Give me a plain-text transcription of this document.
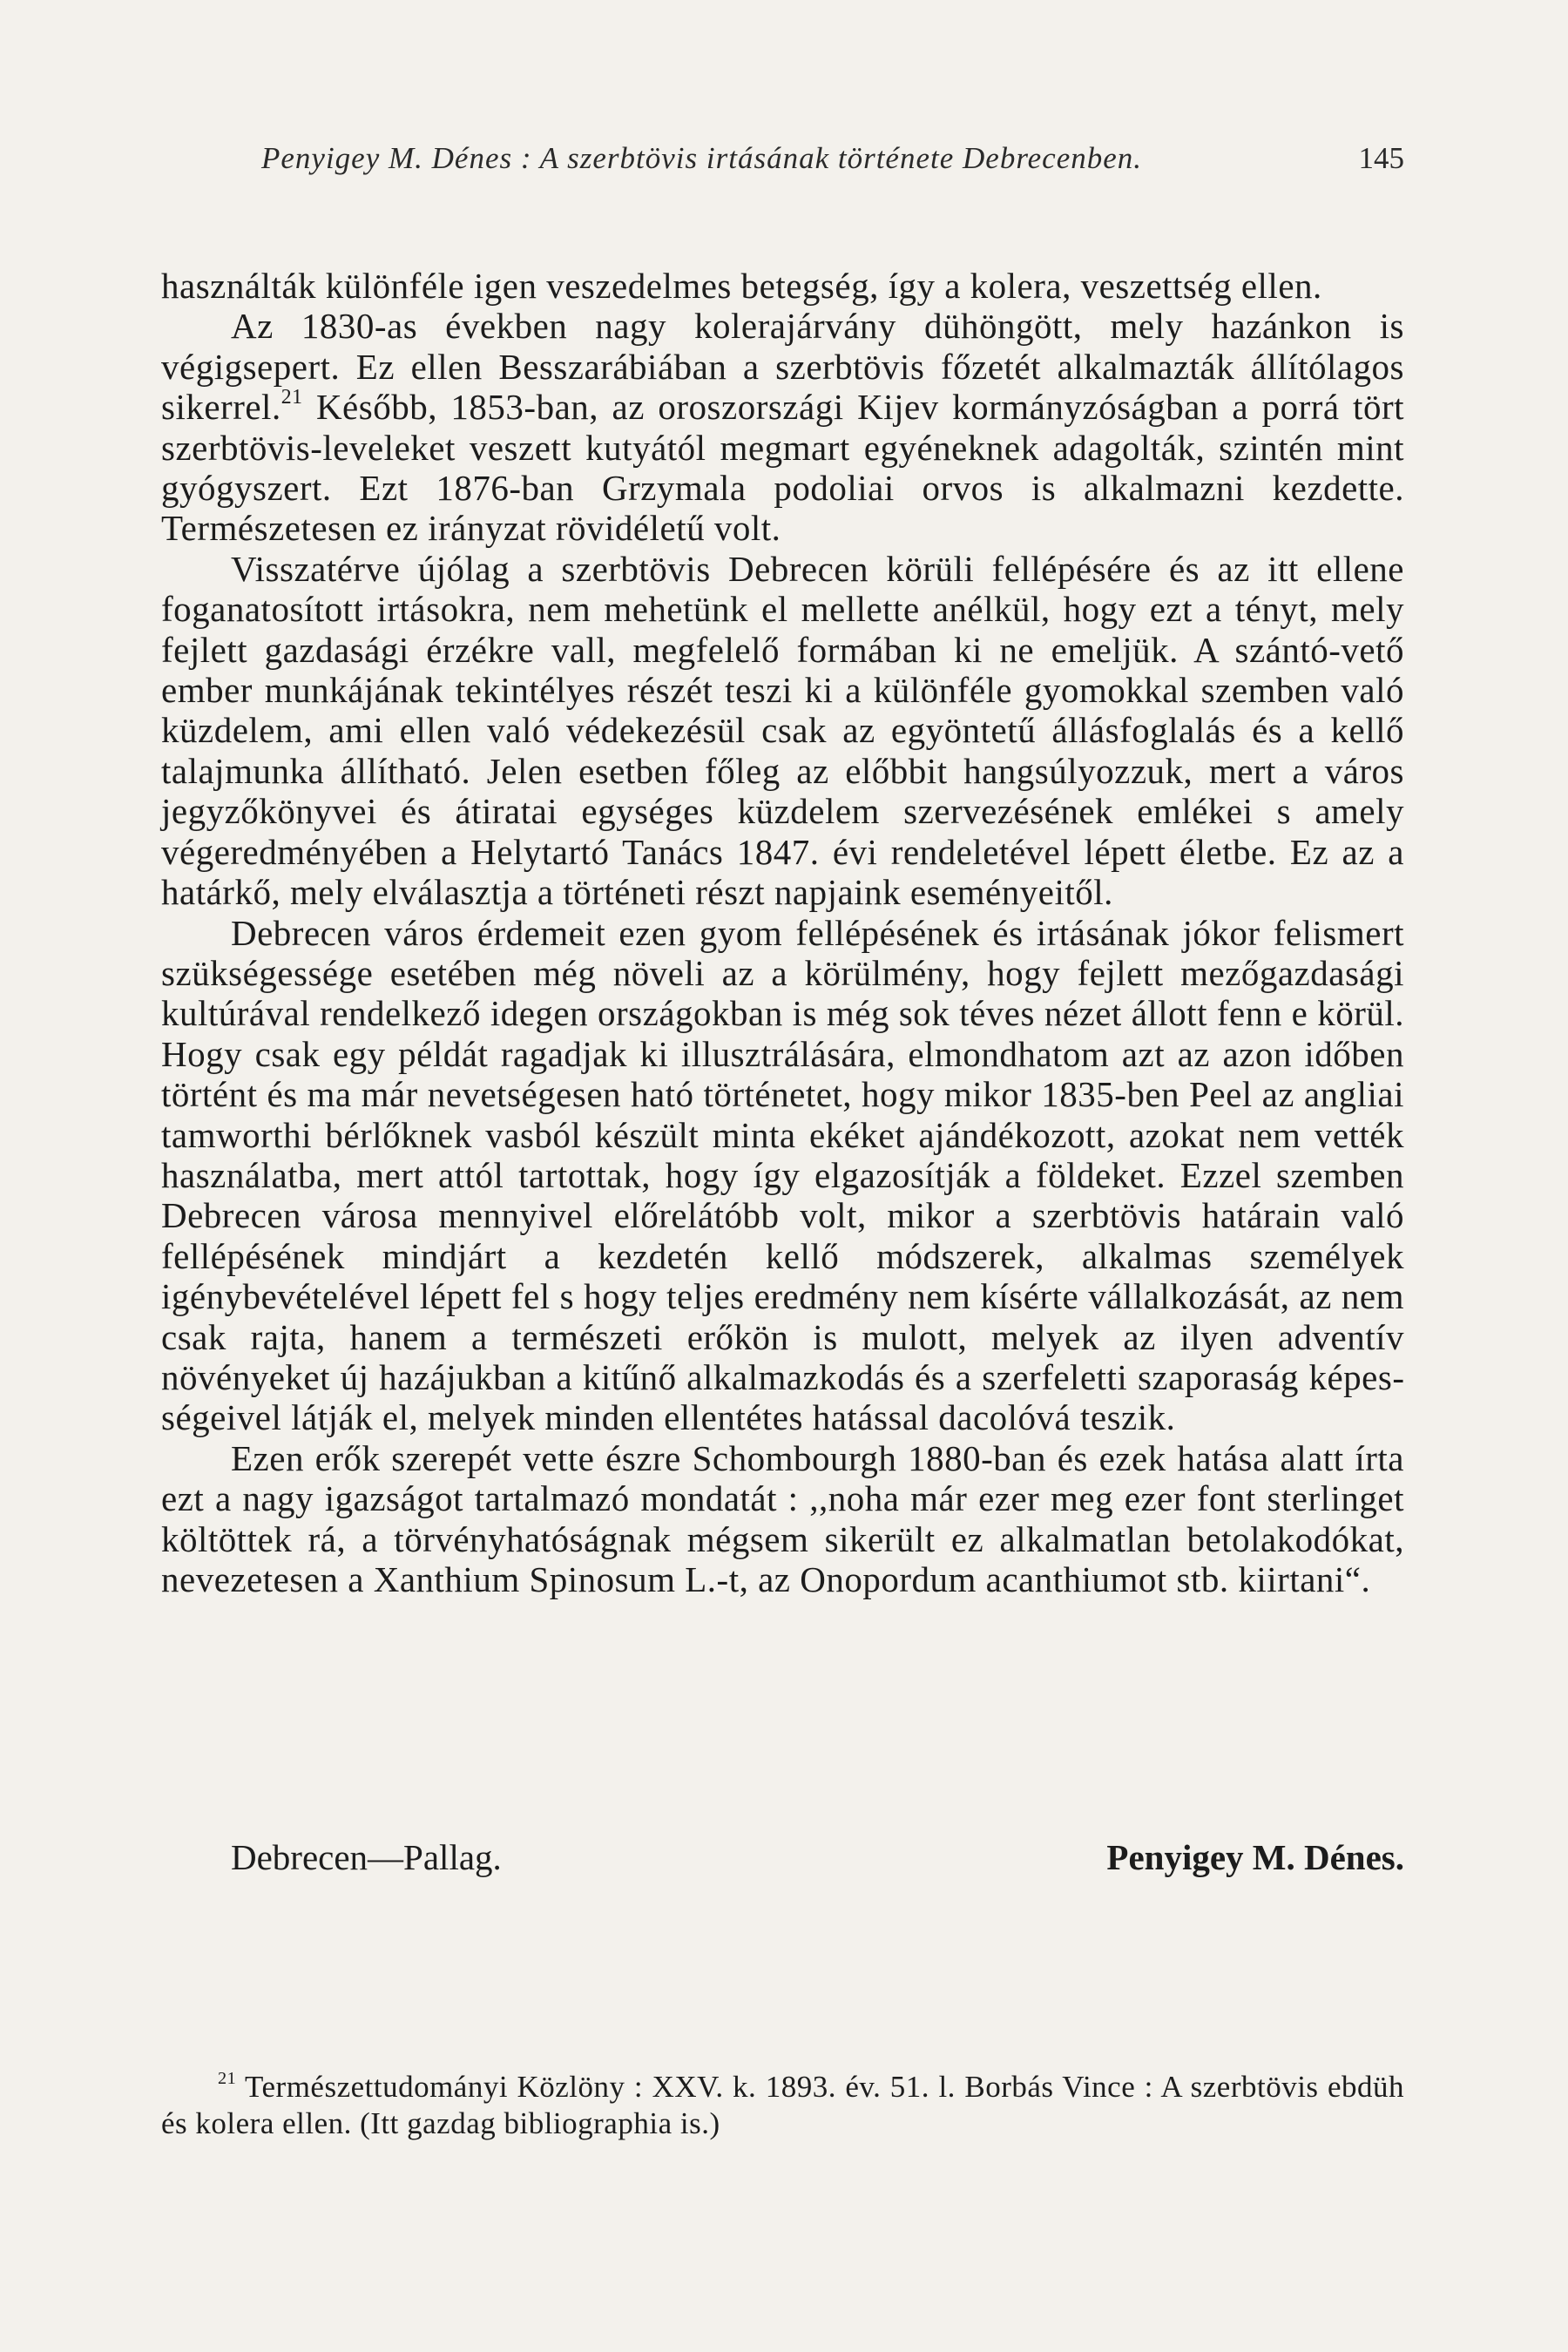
Penyigey M. Dénes : A szerbtövis irtásának története Debrecenben.	145

használták különféle igen veszedelmes betegség, így a kolera, veszettség ellen.

Az 1830-as években nagy kolerajárvány dühöngött, mely hazánkon is végigsepert. Ez ellen Besszarábiában a szerbtövis főzetét alkalmazták állítólagos sikerrel.$^{21}$ Később, 1853-ban, az oroszországi Kijev kormányzóságban a porrá tört szerbtövis-leveleket veszett kutyától megmart egyéneknek adagolták, szintén mint gyógyszert. Ezt 1876-ban Grzymala podoliai orvos is alkalmazni kezdette. Természetesen ez irányzat rövidéletű volt.

Visszatérve újólag a szerbtövis Debrecen körüli fellépésére és az itt ellene foganatosított irtásokra, nem mehetünk el mellette anélkül, hogy ezt a tényt, mely fejlett gazdasági érzékre vall, megfelelő formában ki ne emeljük. A szántó-vető ember munkájának tekintélyes részét teszi ki a különféle gyomokkal szemben való küzdelem, ami ellen való védekezésül csak az egyöntetű állásfoglalás és a kellő talajmunka állítható. Jelen esetben főleg az előbbit hangsúlyozzuk, mert a város jegyzőkönyvei és átiratai egységes küzdelem szervezésének emlékei s amely végeredményében a Helytartó Tanács 1847. évi rendeletével lépett életbe. Ez az a határkő, mely elválasztja a történeti részt napjaink eseményeitől.

Debrecen város érdemeit ezen gyom fellépésének és irtásának jókor felismert szükségessége esetében még növeli az a körülmény, hogy fejlett mezőgazdasági kultúrával rendelkező idegen országokban is még sok téves nézet állott fenn e körül. Hogy csak egy példát ragadjak ki illusztrálására, elmondhatom azt az azon időben történt és ma már nevetségesen ható történetet, hogy mikor 1835-ben Peel az angliai tamworthi bérlőknek vasból készült minta ekéket ajándékozott, azokat nem vették használatba, mert attól tartottak, hogy így elgazosítják a földeket. Ezzel szemben Debrecen városa mennyivel előrelátóbb volt, mikor a szerbtövis határain való fellépésének mindjárt a kezdetén kellő módszerek, alkalmas személyek igénybevételével lépett fel s hogy teljes eredmény nem kísérte vállalkozását, az nem csak rajta, hanem a természeti erőkön is mulott, melyek az ilyen adventív növényeket új hazájukban a kitűnő alkalmazkodás és a szerfeletti szaporaság képességeivel látják el, melyek minden ellentétes hatással dacolóvá teszik.

Ezen erők szerepét vette észre Schombourgh 1880-ban és ezek hatása alatt írta ezt a nagy igazságot tartalmazó mondatát : ,,noha már ezer meg ezer font sterlinget költöttek rá, a törvényhatóságnak mégsem sikerült ez alkalmatlan betolakodókat, nevezetesen a Xanthium Spinosum L.-t, az Onopordum acanthiumot stb. kiirtani“.

Debrecen—Pallag.	Penyigey M. Dénes.

$^{21}$ Természettudományi Közlöny : XXV. k. 1893. év. 51. l. Borbás Vince : A szerbtövis ebdüh és kolera ellen. (Itt gazdag bibliographia is.)
